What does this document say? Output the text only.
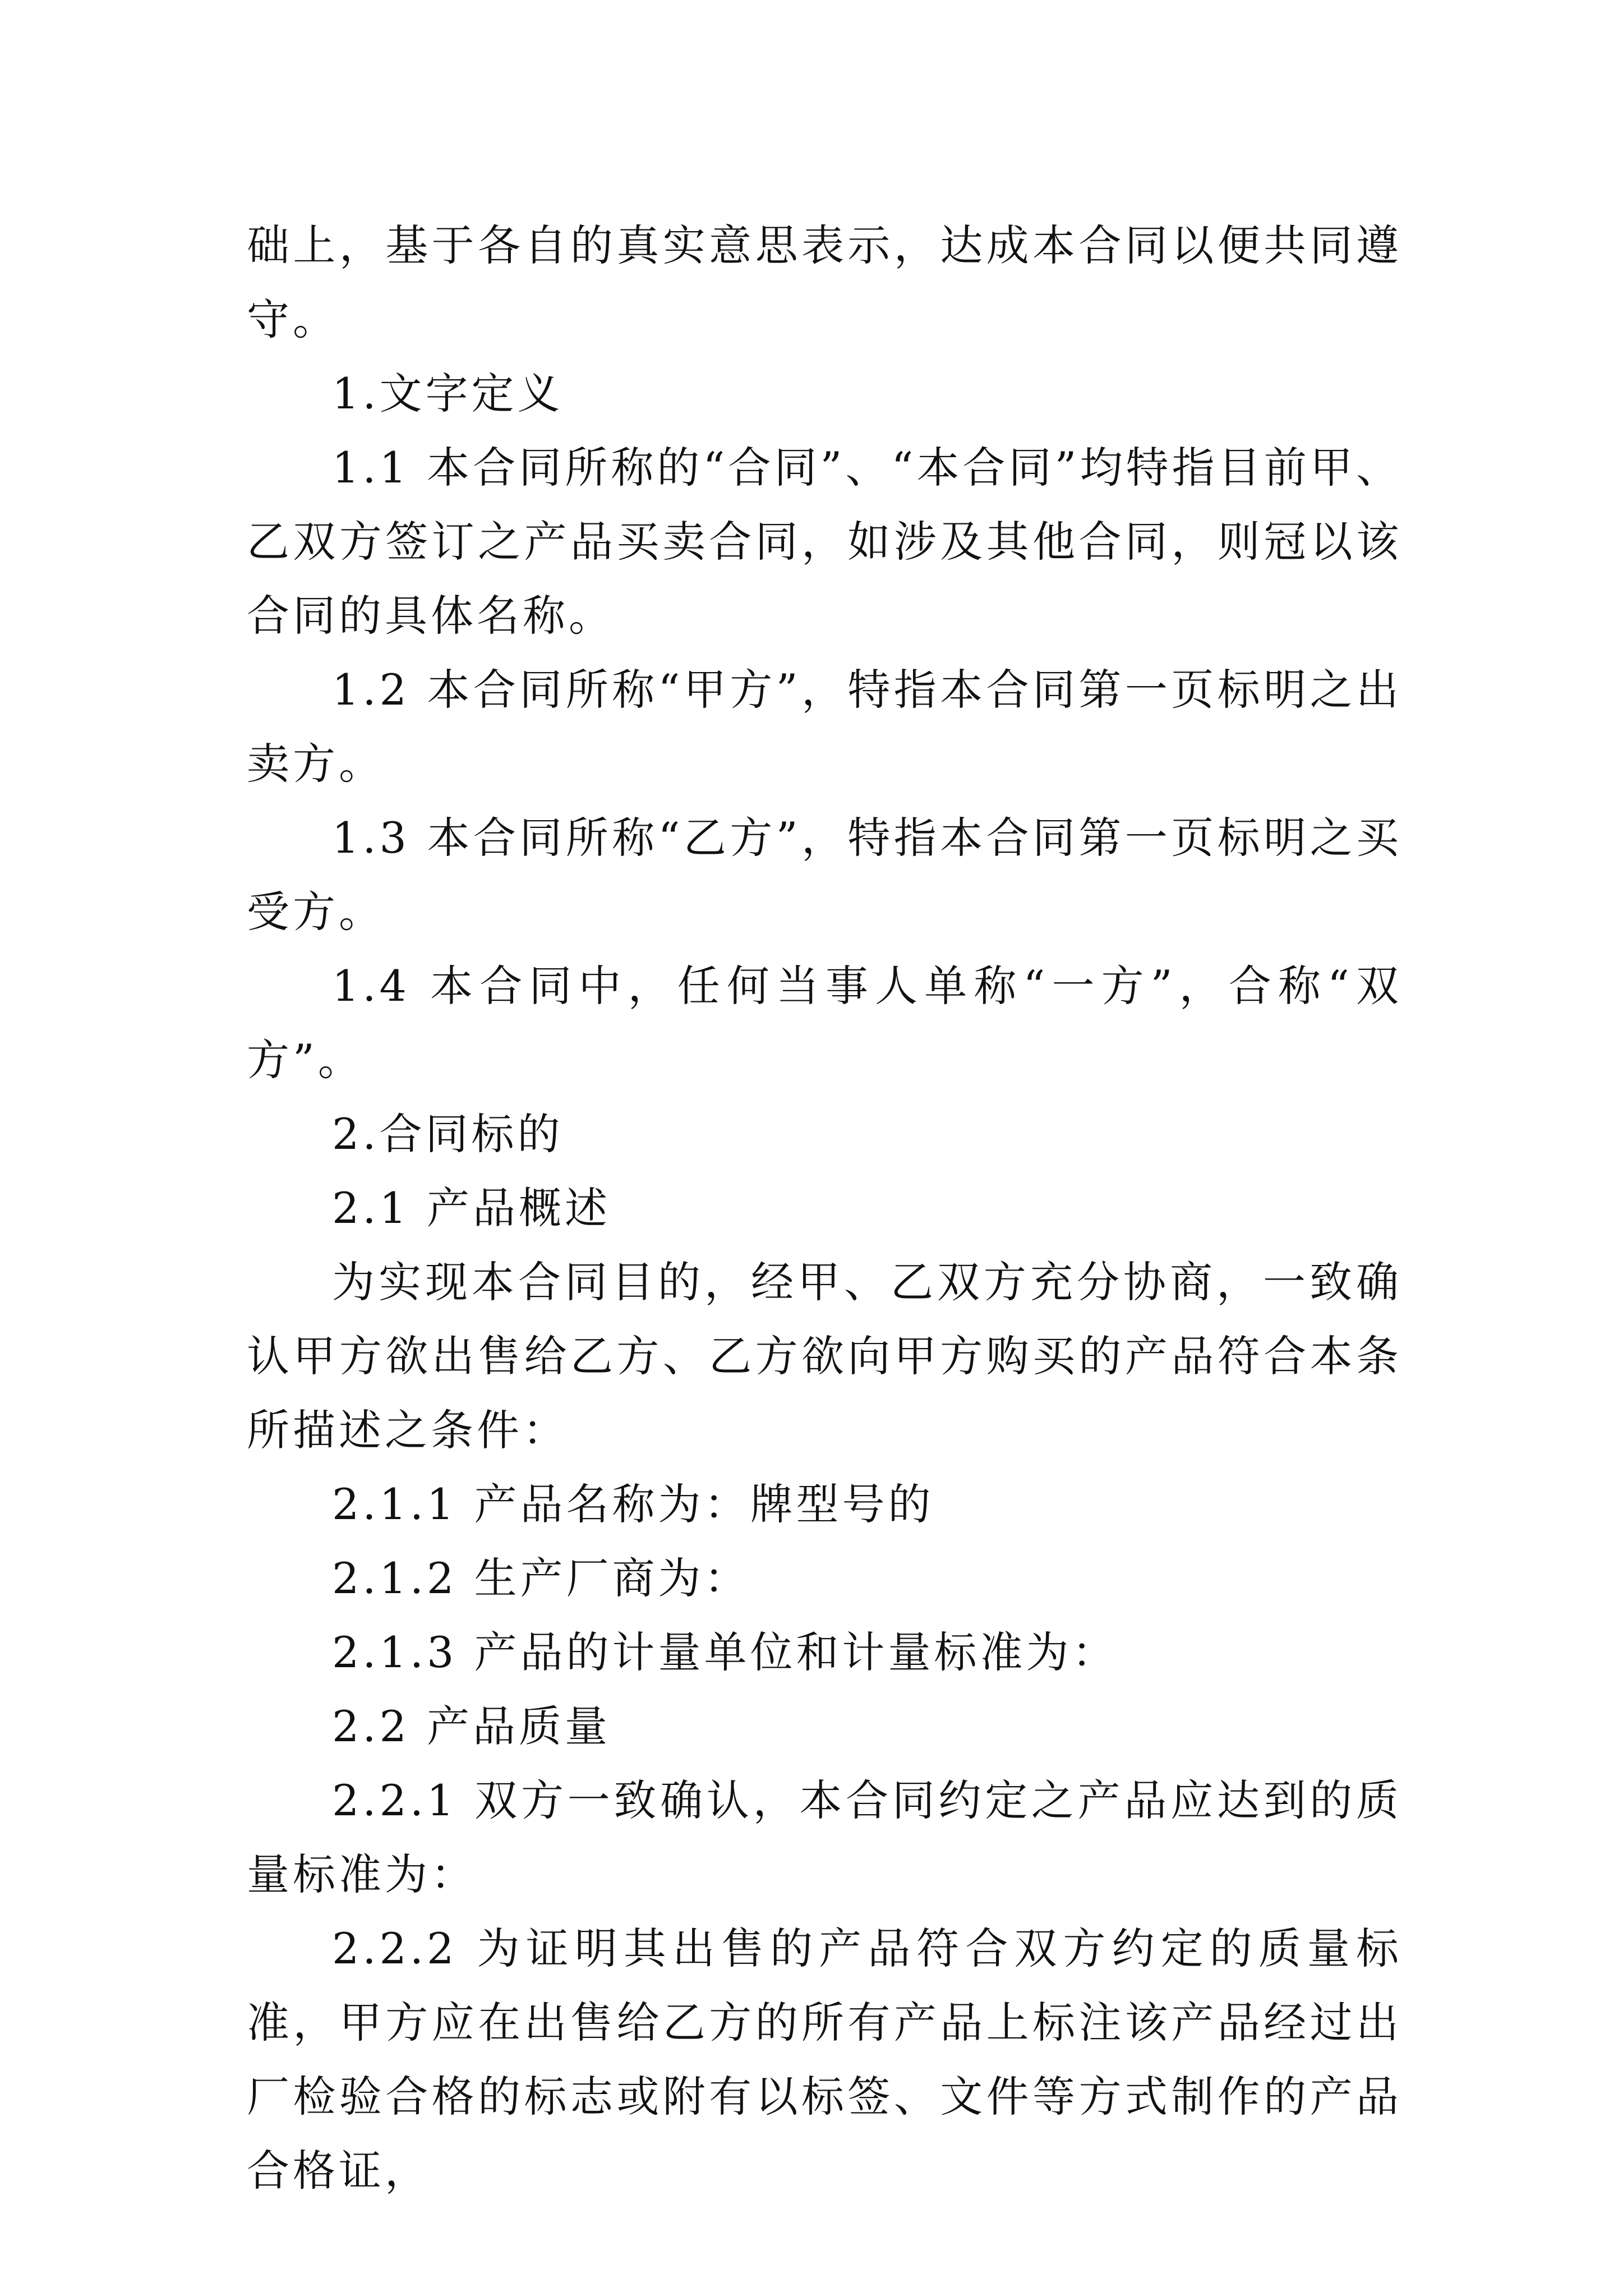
础上，基于各自的真实意思表示，达成本合同以便共同遵守。

1.文字定义

1.1 本合同所称的“合同”、“本合同”均特指目前甲、乙双方签订之产品买卖合同，如涉及其他合同，则冠以该合同的具体名称。

1.2 本合同所称“甲方”，特指本合同第一页标明之出卖方。

1.3 本合同所称“乙方”，特指本合同第一页标明之买受方。

1.4 本合同中，任何当事人单称“一方”，合称“双方”。

2.合同标的

2.1 产品概述

为实现本合同目的，经甲、乙双方充分协商，一致确认甲方欲出售给乙方、乙方欲向甲方购买的产品符合本条所描述之条件：

2.1.1 产品名称为：牌型号的

2.1.2 生产厂商为：

2.1.3 产品的计量单位和计量标准为：

2.2 产品质量

2.2.1 双方一致确认，本合同约定之产品应达到的质量标准为：

2.2.2 为证明其出售的产品符合双方约定的质量标准，甲方应在出售给乙方的所有产品上标注该产品经过出厂检验合格的标志或附有以标签、文件等方式制作的产品合格证，
